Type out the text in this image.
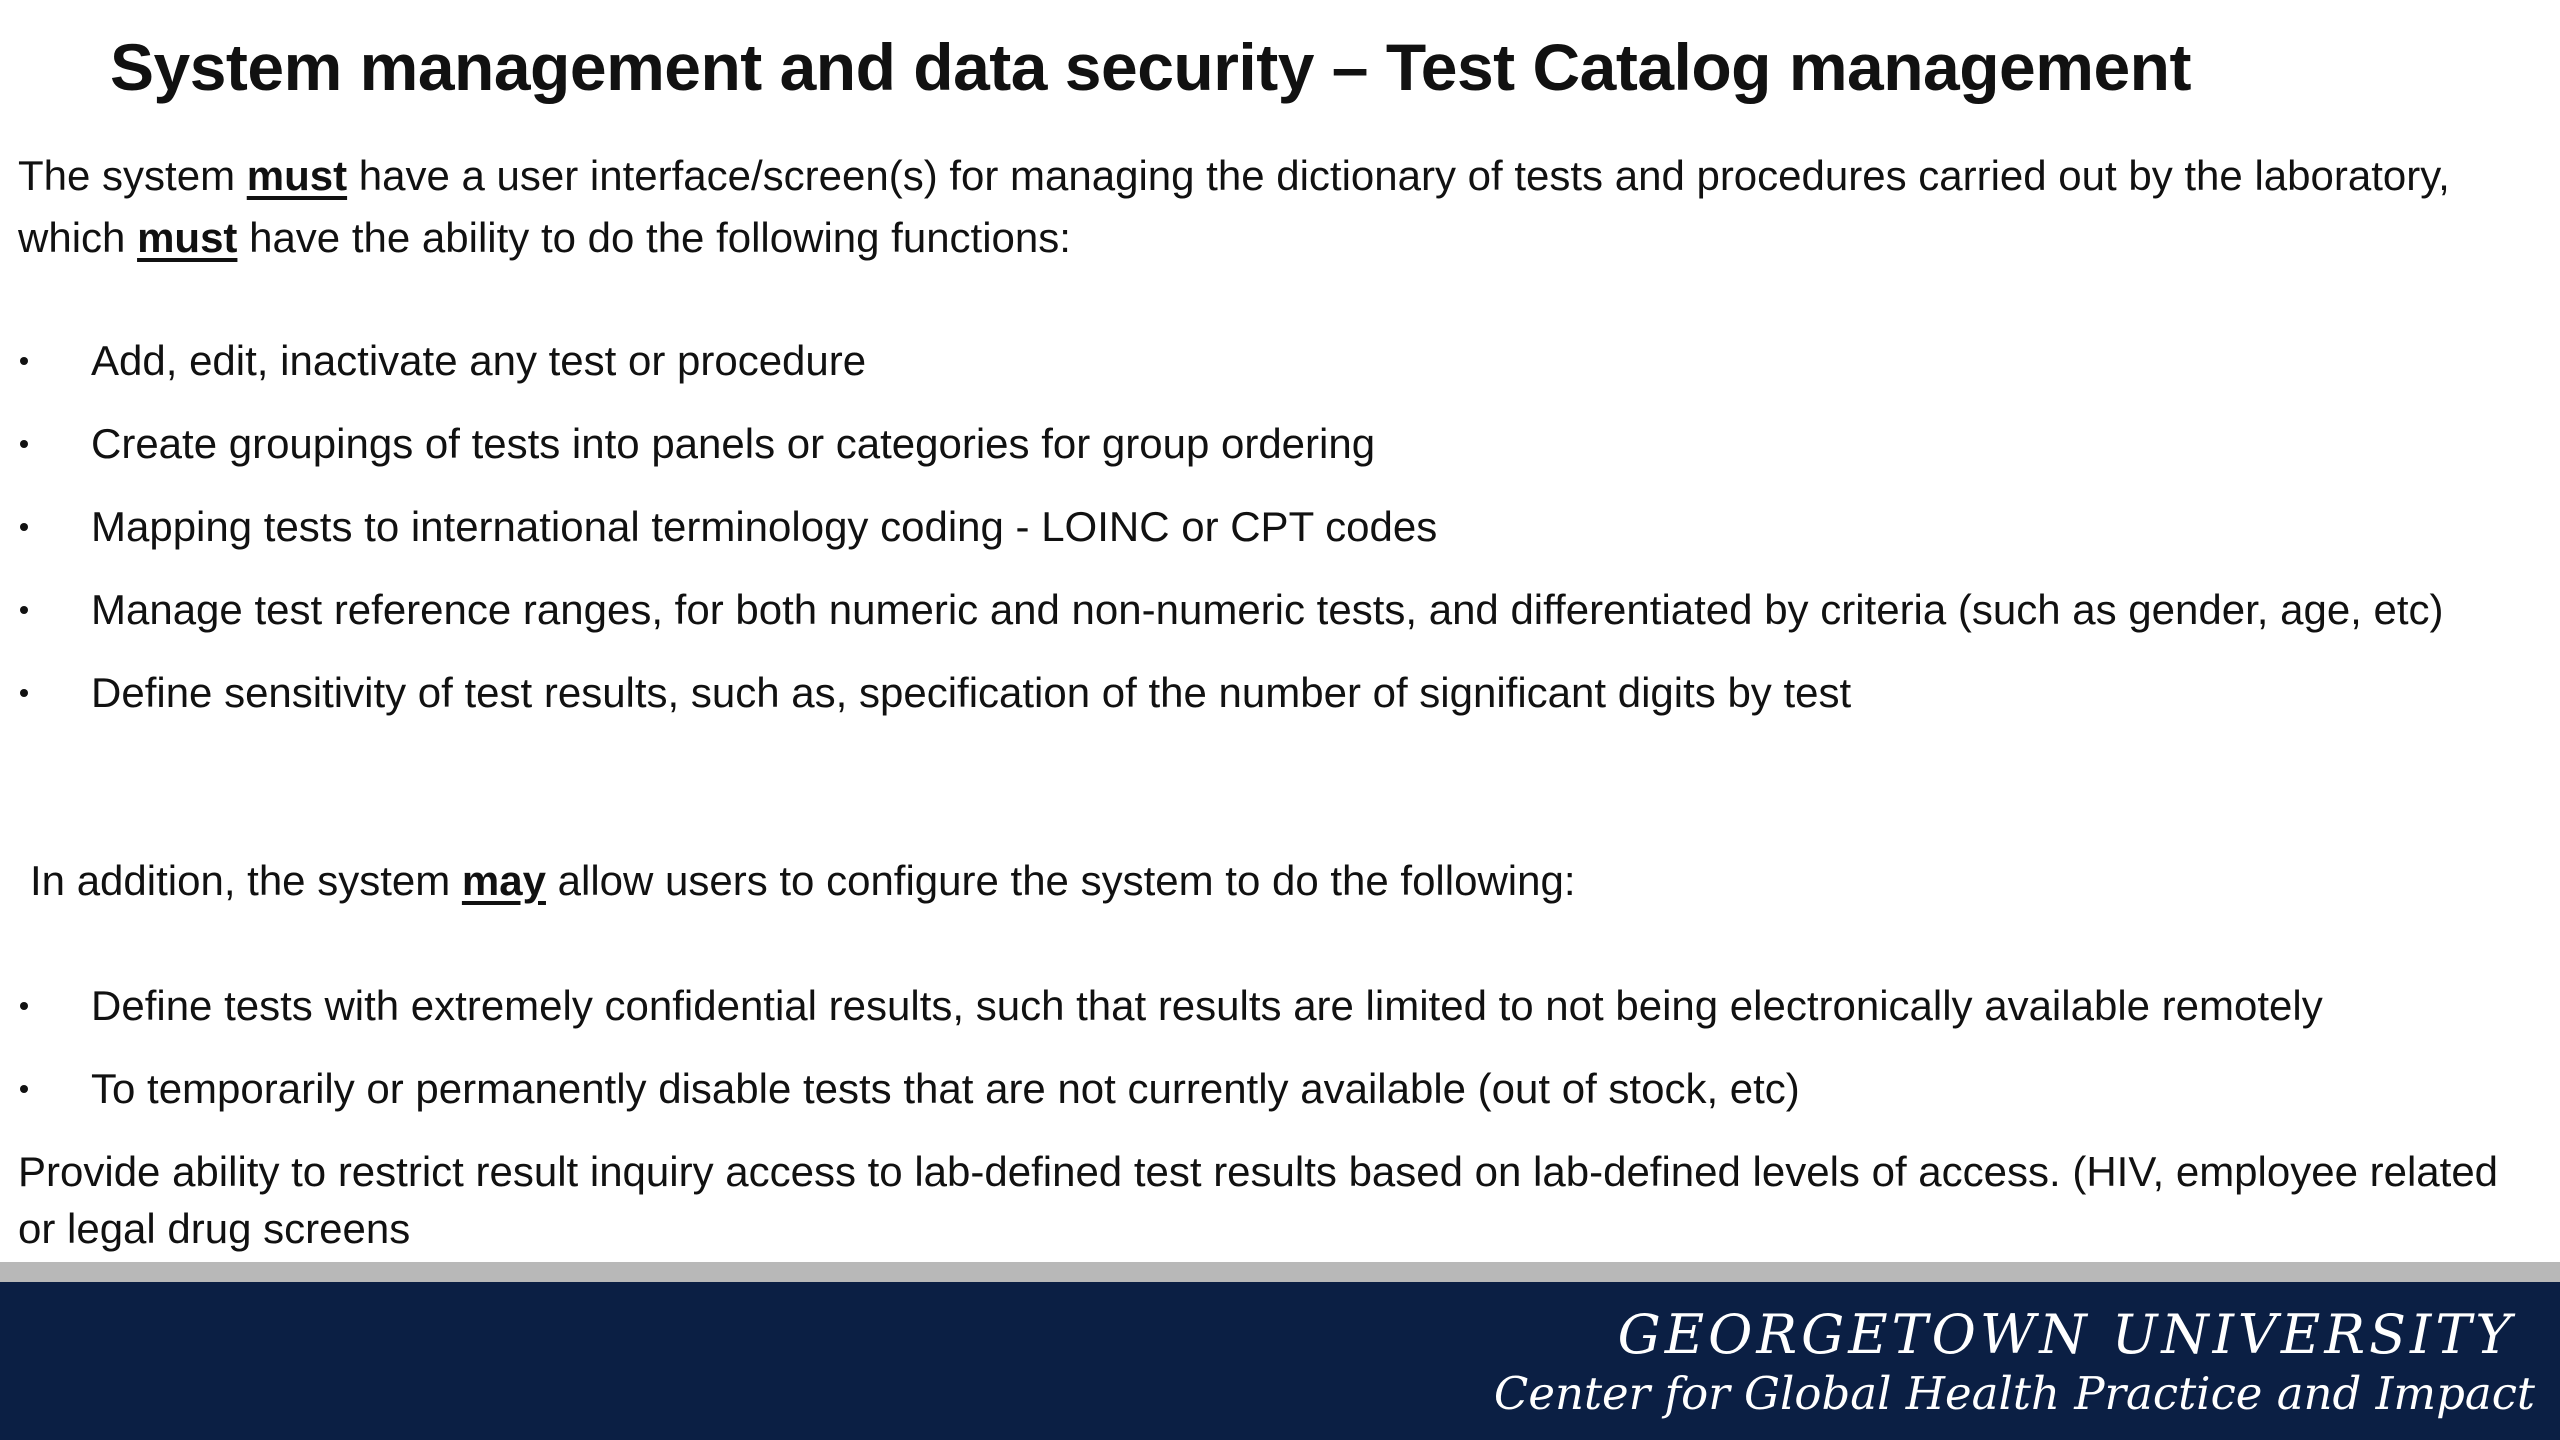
System management and data security – Test Catalog management
The system must have a user interface/screen(s) for managing the dictionary of tests and procedures carried out by the laboratory, which must have the ability to do the following functions:
Add, edit, inactivate any test or procedure
Create groupings of tests into panels or categories for group ordering
Mapping tests to international terminology coding - LOINC or CPT codes
Manage test reference ranges, for both numeric and non-numeric tests, and differentiated by criteria (such as gender, age, etc)
Define sensitivity of test results, such as, specification of the number of significant digits by test
In addition, the system may allow users to configure the system to do the following:
Define tests with extremely confidential results, such that results are limited to not being electronically available remotely
To temporarily or permanently disable tests that are not currently available (out of stock, etc)
Provide ability to restrict result inquiry access to lab-defined test results based on lab-defined levels of access. (HIV, employee related or legal drug screens
GEORGETOWN UNIVERSITY
Center for Global Health Practice and Impact
